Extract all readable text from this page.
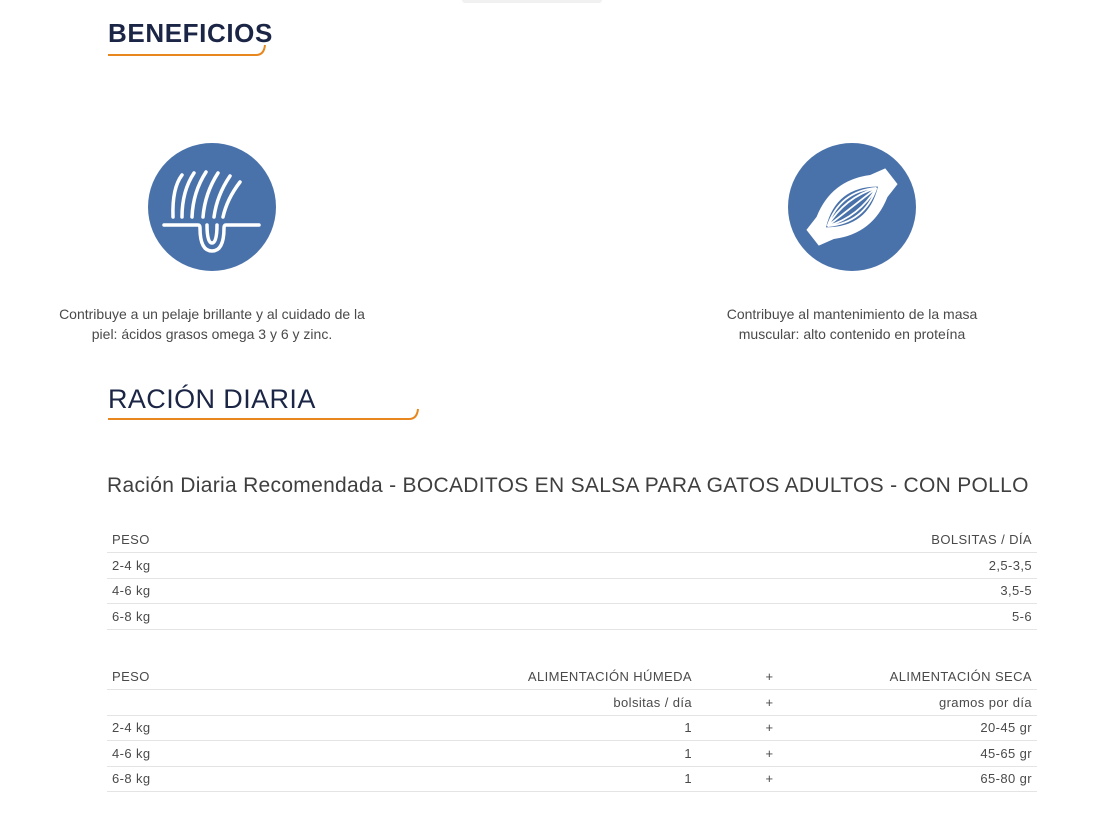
BENEFICIOS
Contribuye a un pelaje brillante y al cuidado de la
piel: ácidos grasos omega 3 y 6 y zinc.
Contribuye al mantenimiento de la masa
muscular: alto contenido en proteína
RACIÓN DIARIA
Ración Diaria Recomendada - BOCADITOS EN SALSA PARA GATOS ADULTOS - CON POLLO
PESO	BOLSITAS / DÍA
2-4 kg	2,5-3,5
4-6 kg	3,5-5
6-8 kg	5-6
PESO	ALIMENTACIÓN HÚMEDA	+	ALIMENTACIÓN SECA
	bolsitas / día	+	gramos por día
2-4 kg	1	+	20-45 gr
4-6 kg	1	+	45-65 gr
6-8 kg	1	+	65-80 gr
